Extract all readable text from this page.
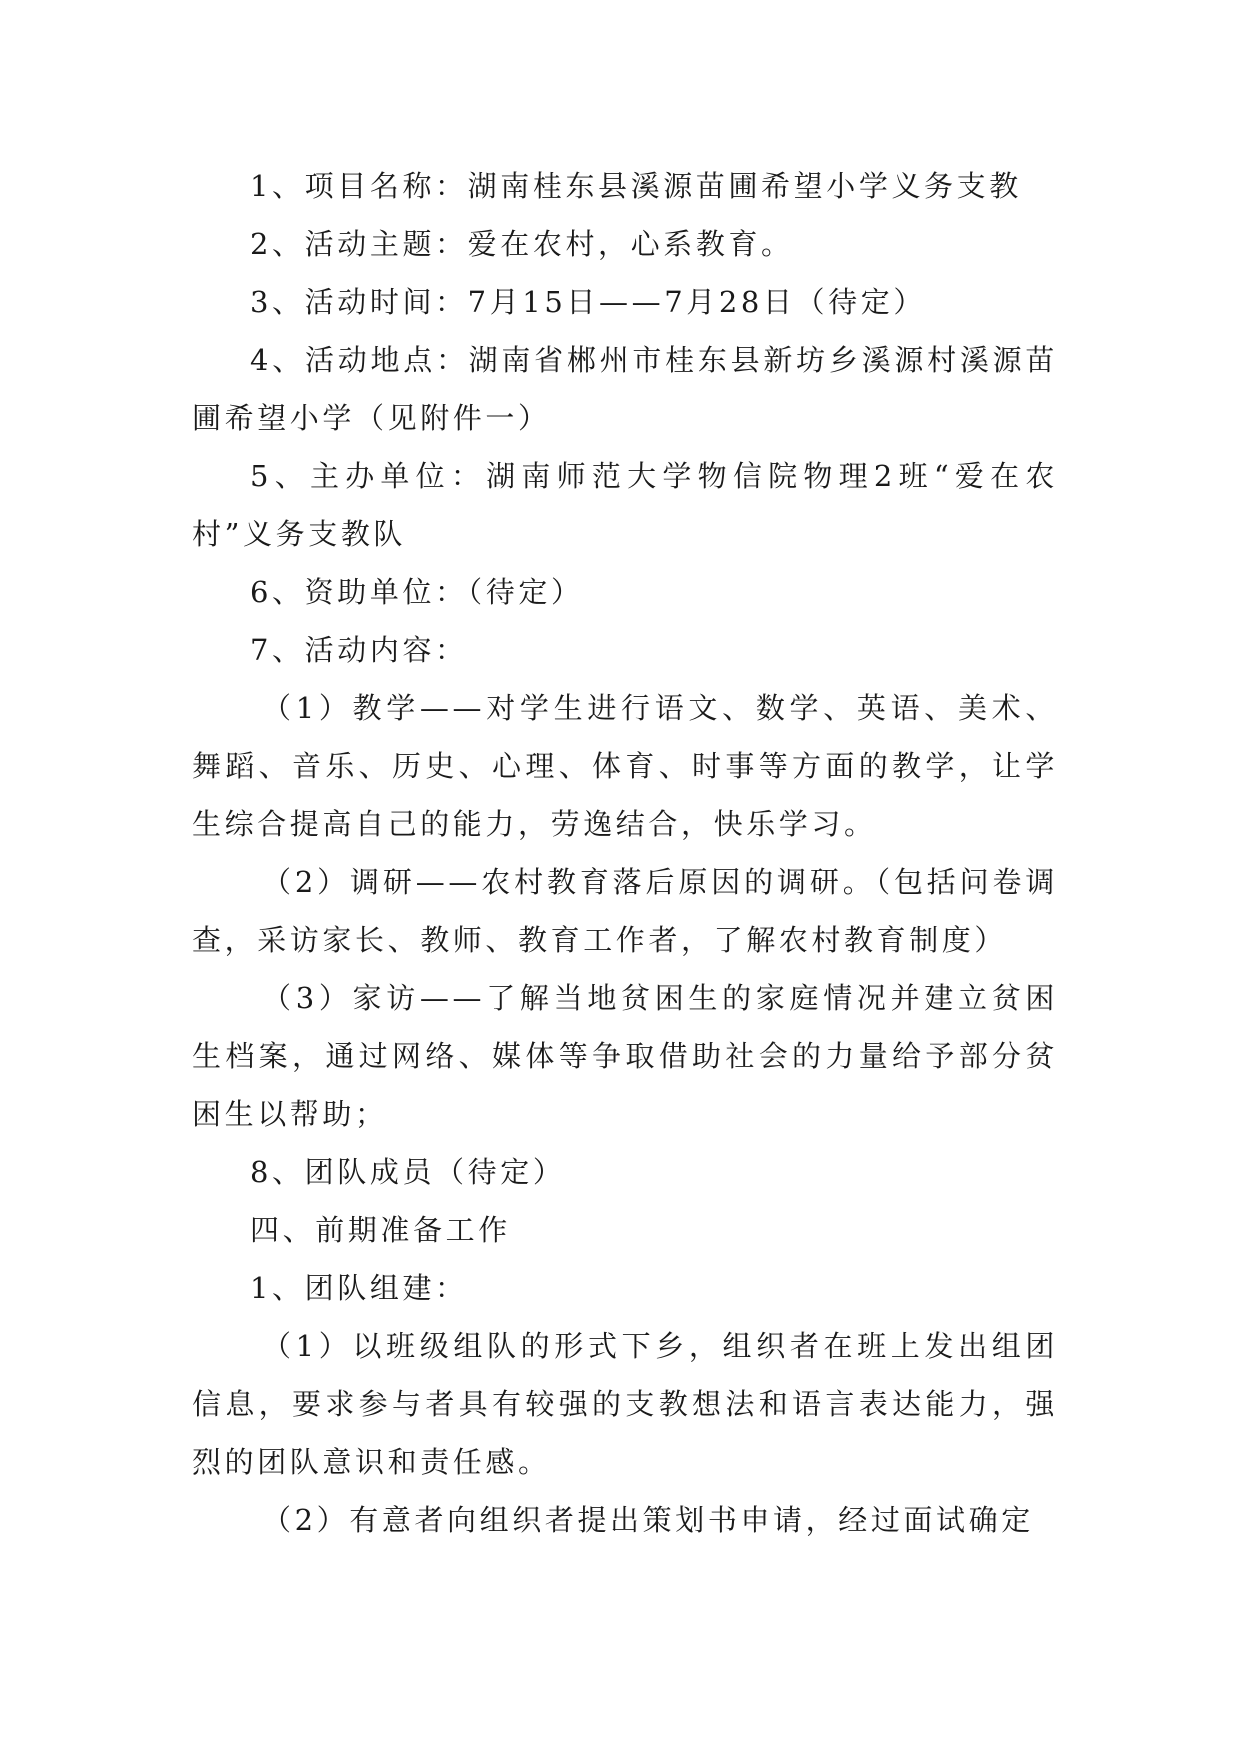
1、项目名称：湖南桂东县溪源苗圃希望小学义务支教

2、活动主题：爱在农村，心系教育。

3、活动时间：7月15日——7月28日（待定）

4、活动地点：湖南省郴州市桂东县新坊乡溪源村溪源苗圃希望小学（见附件一）

5、主办单位：湖南师范大学物信院物理2班“爱在农村”义务支教队

6、资助单位：（待定）

7、活动内容：

（1）教学——对学生进行语文、数学、英语、美术、舞蹈、音乐、历史、心理、体育、时事等方面的教学，让学生综合提高自己的能力，劳逸结合，快乐学习。

（2）调研——农村教育落后原因的调研。（包括问卷调查，采访家长、教师、教育工作者，了解农村教育制度）

（3）家访——了解当地贫困生的家庭情况并建立贫困生档案，通过网络、媒体等争取借助社会的力量给予部分贫困生以帮助；

8、团队成员（待定）

四、前期准备工作

1、团队组建：

（1）以班级组队的形式下乡，组织者在班上发出组团信息，要求参与者具有较强的支教想法和语言表达能力，强烈的团队意识和责任感。

（2）有意者向组织者提出策划书申请，经过面试确定
